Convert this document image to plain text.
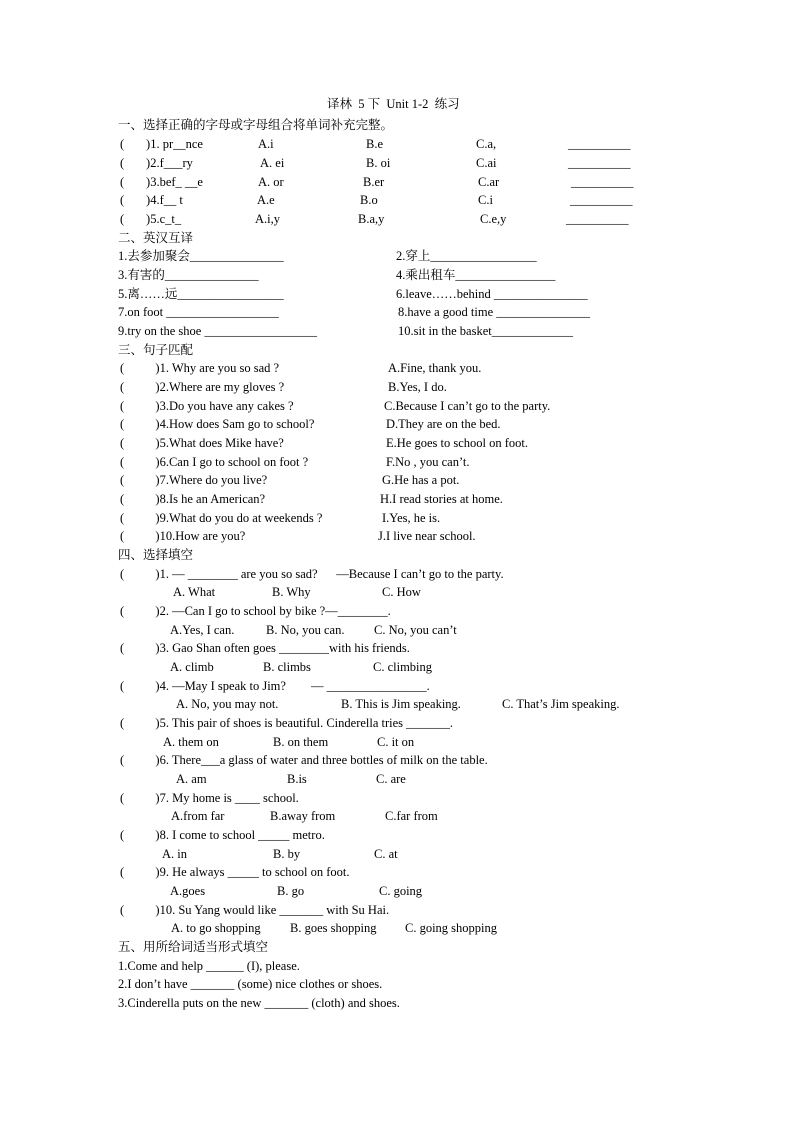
译林  5 下  Unit 1-2  练习
一、选择正确的字母或字母组合将单词补充完整。
(       )1. pr__nce	A.i	B.e	C.a,	__________
(       )2.f___ry	A. ei	B. oi	C.ai	__________
(       )3.bef_ __e	A. or	B.er	C.ar	__________
(       )4.f__ t	A.e	B.o	C.i	__________
(       )5.c_t_	A.i,y	B.a,y	C.e,y	__________
二、英汉互译
1.去参加聚会_______________	2.穿上_________________
3.有害的_______________	4.乘出租车________________
5.离……远_________________	6.leave……behind _______________
7.on foot __________________	8.have a good time _______________
9.try on the shoe __________________	10.sit in the basket_____________
三、句子匹配
(          )1. Why are you so sad ?	A.Fine, thank you.
(          )2.Where are my gloves ?	B.Yes, I do.
(          )3.Do you have any cakes ?	C.Because I can’t go to the party.
(          )4.How does Sam go to school?	D.They are on the bed.
(          )5.What does Mike have?	E.He goes to school on foot.
(          )6.Can I go to school on foot ?	F.No , you can’t.
(          )7.Where do you live?	G.He has a pot.
(          )8.Is he an American?	H.I read stories at home.
(          )9.What do you do at weekends ?	I.Yes, he is.
(          )10.How are you?	J.I live near school.
四、选择填空
(          )1. — ________ are you so sad?      —Because I can’t go to the party.
A. What	B. Why	C. How
(          )2. —Can I go to school by bike ?—________.
A.Yes, I can.	B. No, you can. C. No, you can’t
(          )3. Gao Shan often goes ________with his friends.
A. climb	B. climbs	C. climbing
(          )4. —May I speak to Jim?        — ________________.
A. No, you may not.	B. This is Jim speaking.	C. That’s Jim speaking.
(          )5. This pair of shoes is beautiful. Cinderella tries _______.
A. them on	B. on them	C. it on
(          )6. There___a glass of water and three bottles of milk on the table.
A. am	B.is	C. are
(          )7. My home is ____ school.
A.from far	B.away from	C.far from
(          )8. I come to school _____ metro.
A. in	B. by	C. at
(          )9. He always _____ to school on foot.
A.goes	B. go	C. going
(          )10. Su Yang would like _______ with Su Hai.
A. to go shopping B. goes shopping C. going shopping
五、用所给词适当形式填空
1.Come and help ______ (I), please.
2.I don’t have _______ (some) nice clothes or shoes.
3.Cinderella puts on the new _______ (cloth) and shoes.
